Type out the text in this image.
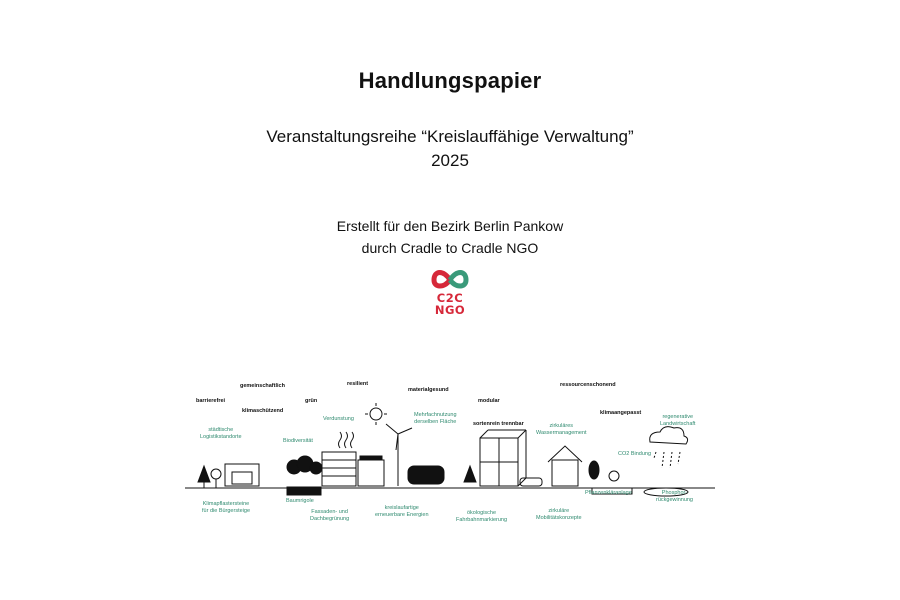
Handlungspapier
Veranstaltungsreihe “Kreislauffähige Verwaltung”
2025
Erstellt für den Bezirk Berlin Pankow
durch Cradle to Cradle NGO
C2C
NGO
barrierefrei
gemeinschaftlich
klimaschützend
grün
resilient
materialgesund
modular
sortenrein trennbar
ressourcenschonend
klimaangepasst
städtische
Logistikstandorte
Biodiversität
Verdunstung
Mehrfachnutzung
derselben Fläche
zirkuläres
Wassermanagement
CO2 Bindung
regenerative
Landwirtschaft
Klimapflastersteine
für die Bürgersteige
Baumrigole
Fassaden- und
Dachbegrünung
kreislaufartige
erneuerbare Energien	ökologische
Fahrbahnmarkierung
zirkuläre
Mobilitätskonzepte
Pflanzenkläranlage	Phosphor-
rückgewinnung
